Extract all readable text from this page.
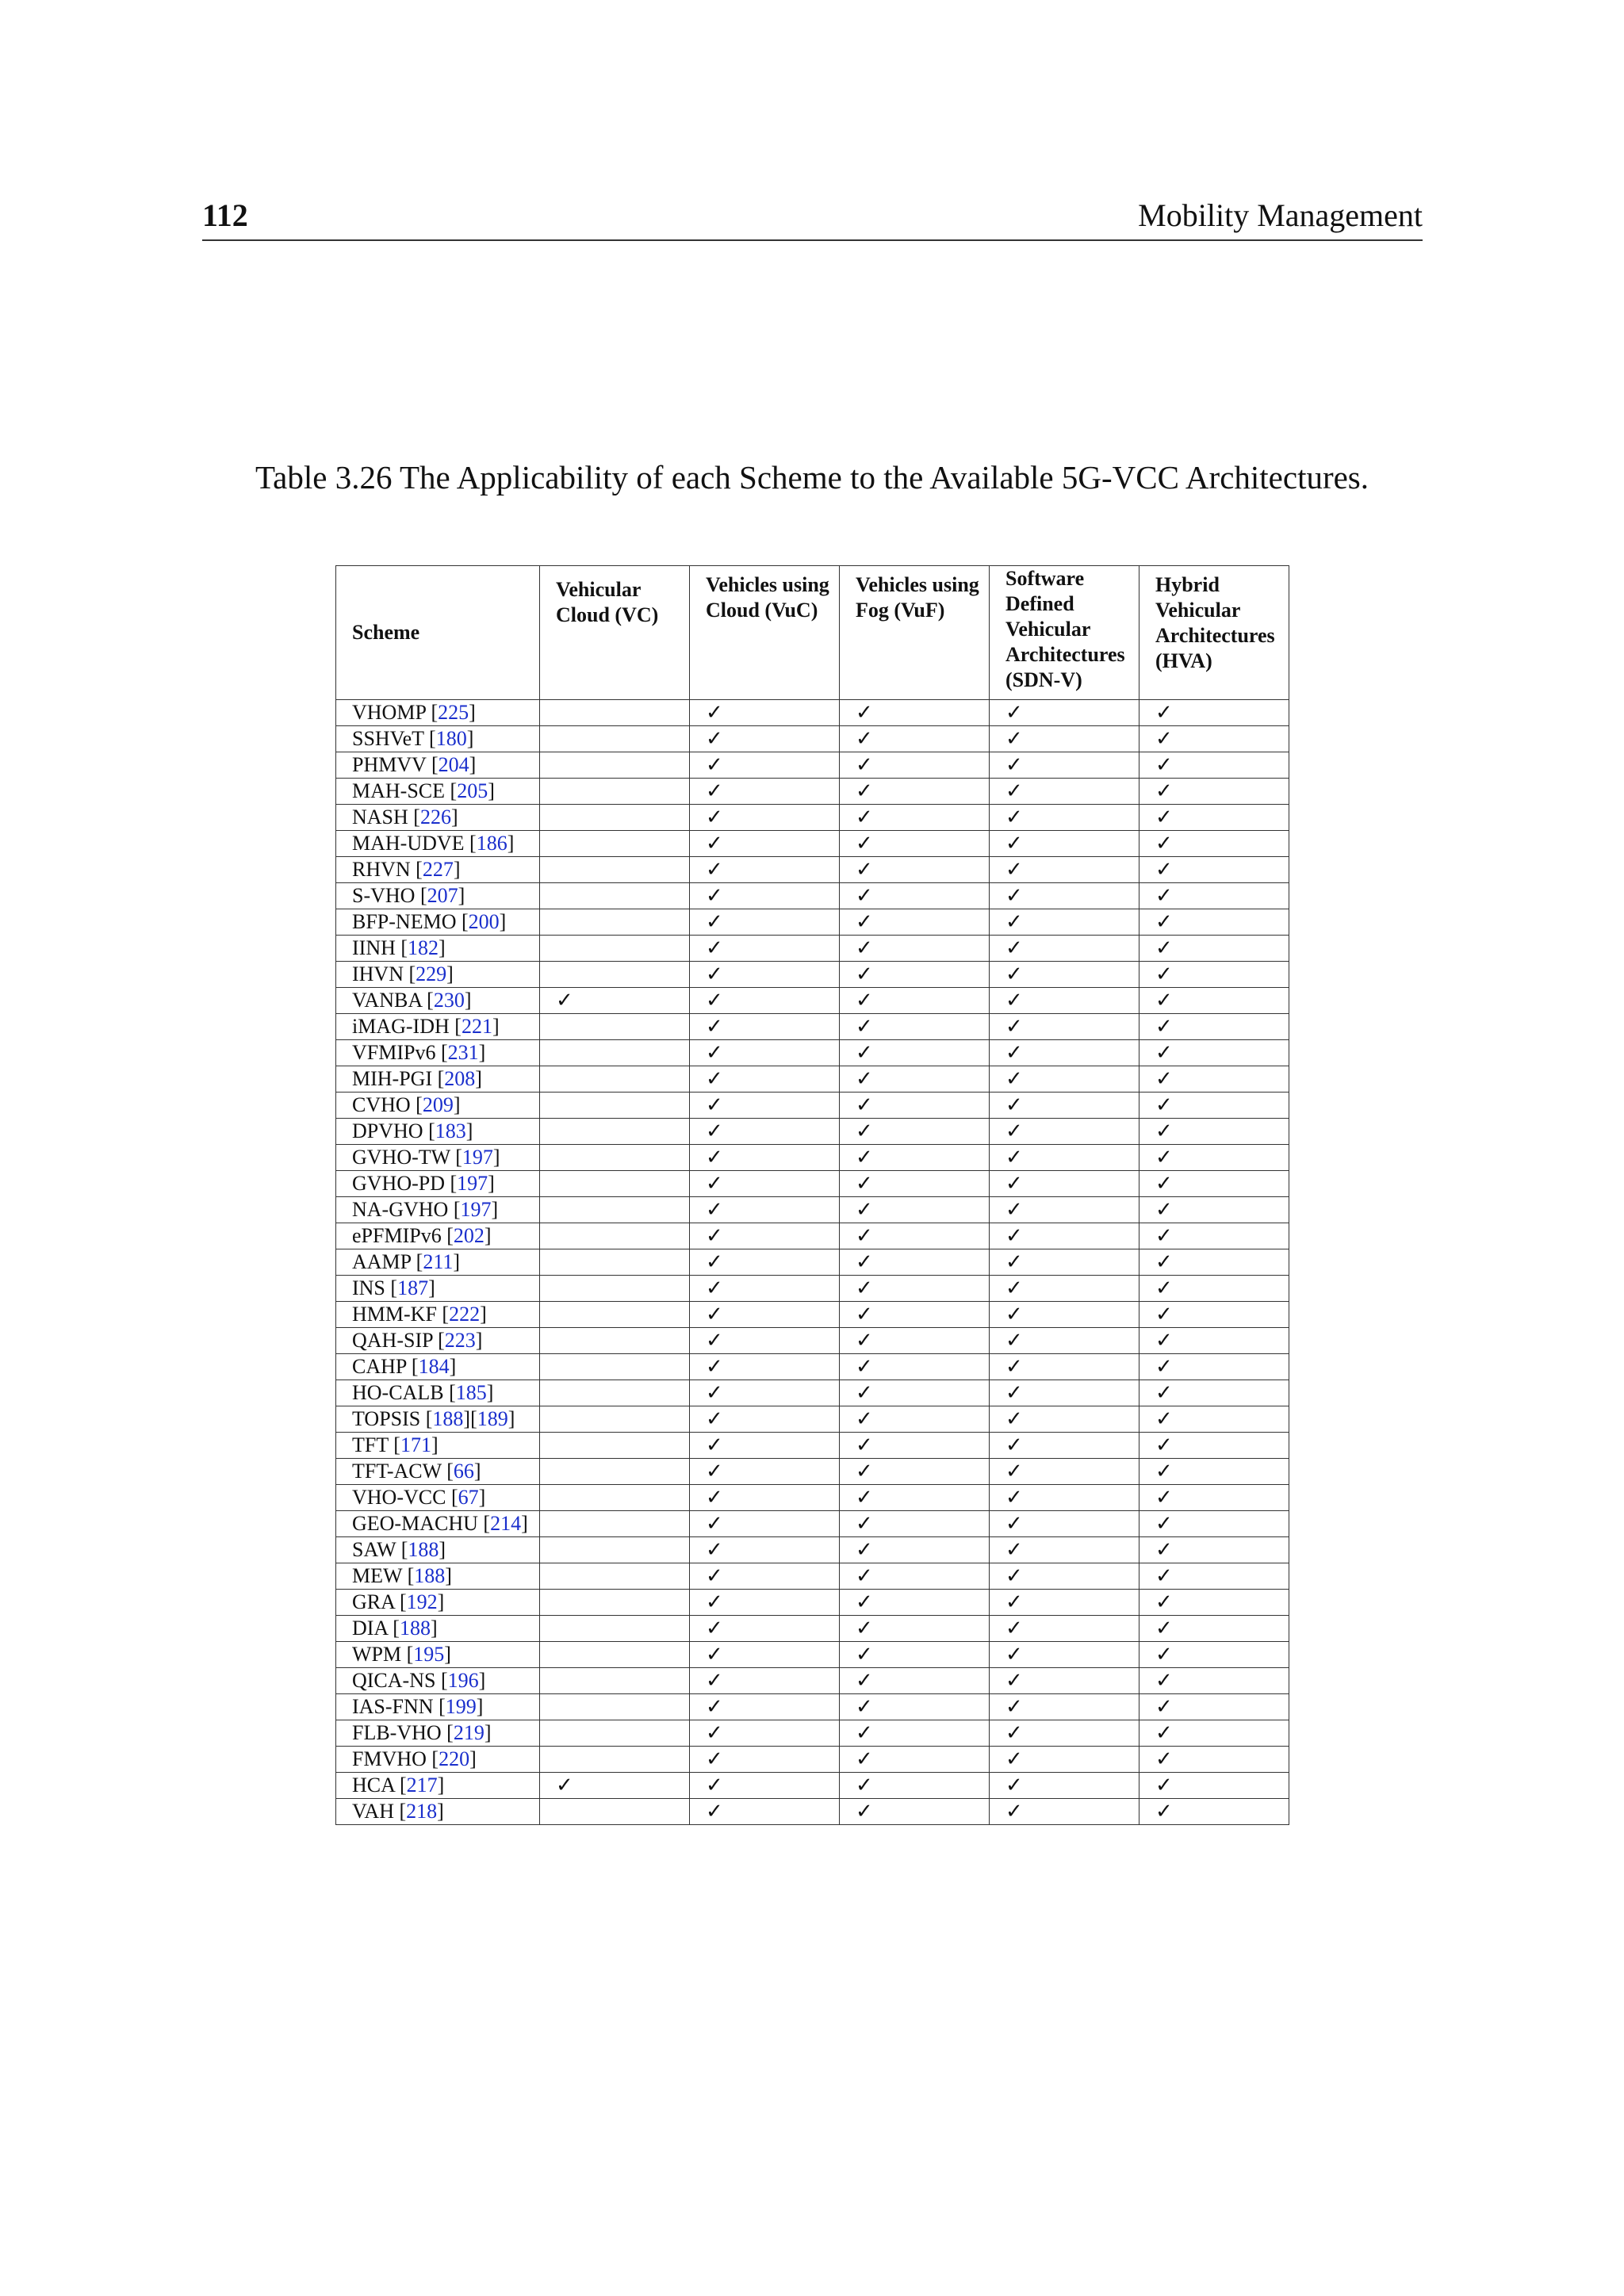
112	Mobility Management
Table 3.26 The Applicability of each Scheme to the Available 5G-VCC Architectures.
Scheme	Vehicular Cloud (VC)	Vehicles using Cloud (VuC)	Vehicles using Fog (VuF)	Software Defined Vehicular Architectures (SDN-V)	Hybrid Vehicular Architectures (HVA)
VHOMP [225]		✓	✓	✓	✓
SSHVeT [180]		✓	✓	✓	✓
PHMVV [204]		✓	✓	✓	✓
MAH-SCE [205]		✓	✓	✓	✓
NASH [226]		✓	✓	✓	✓
MAH-UDVE [186]		✓	✓	✓	✓
RHVN [227]		✓	✓	✓	✓
S-VHO [207]		✓	✓	✓	✓
BFP-NEMO [200]		✓	✓	✓	✓
IINH [182]		✓	✓	✓	✓
IHVN [229]		✓	✓	✓	✓
VANBA [230]	✓	✓	✓	✓	✓
iMAG-IDH [221]		✓	✓	✓	✓
VFMIPv6 [231]		✓	✓	✓	✓
MIH-PGI [208]		✓	✓	✓	✓
CVHO [209]		✓	✓	✓	✓
DPVHO [183]		✓	✓	✓	✓
GVHO-TW [197]		✓	✓	✓	✓
GVHO-PD [197]		✓	✓	✓	✓
NA-GVHO [197]		✓	✓	✓	✓
ePFMIPv6 [202]		✓	✓	✓	✓
AAMP [211]		✓	✓	✓	✓
INS [187]		✓	✓	✓	✓
HMM-KF [222]		✓	✓	✓	✓
QAH-SIP [223]		✓	✓	✓	✓
CAHP [184]		✓	✓	✓	✓
HO-CALB [185]		✓	✓	✓	✓
TOPSIS [188][189]		✓	✓	✓	✓
TFT [171]		✓	✓	✓	✓
TFT-ACW [66]		✓	✓	✓	✓
VHO-VCC [67]		✓	✓	✓	✓
GEO-MACHU [214]		✓	✓	✓	✓
SAW [188]		✓	✓	✓	✓
MEW [188]		✓	✓	✓	✓
GRA [192]		✓	✓	✓	✓
DIA [188]		✓	✓	✓	✓
WPM [195]		✓	✓	✓	✓
QICA-NS [196]		✓	✓	✓	✓
IAS-FNN [199]		✓	✓	✓	✓
FLB-VHO [219]		✓	✓	✓	✓
FMVHO [220]		✓	✓	✓	✓
HCA [217]	✓	✓	✓	✓	✓
VAH [218]		✓	✓	✓	✓
